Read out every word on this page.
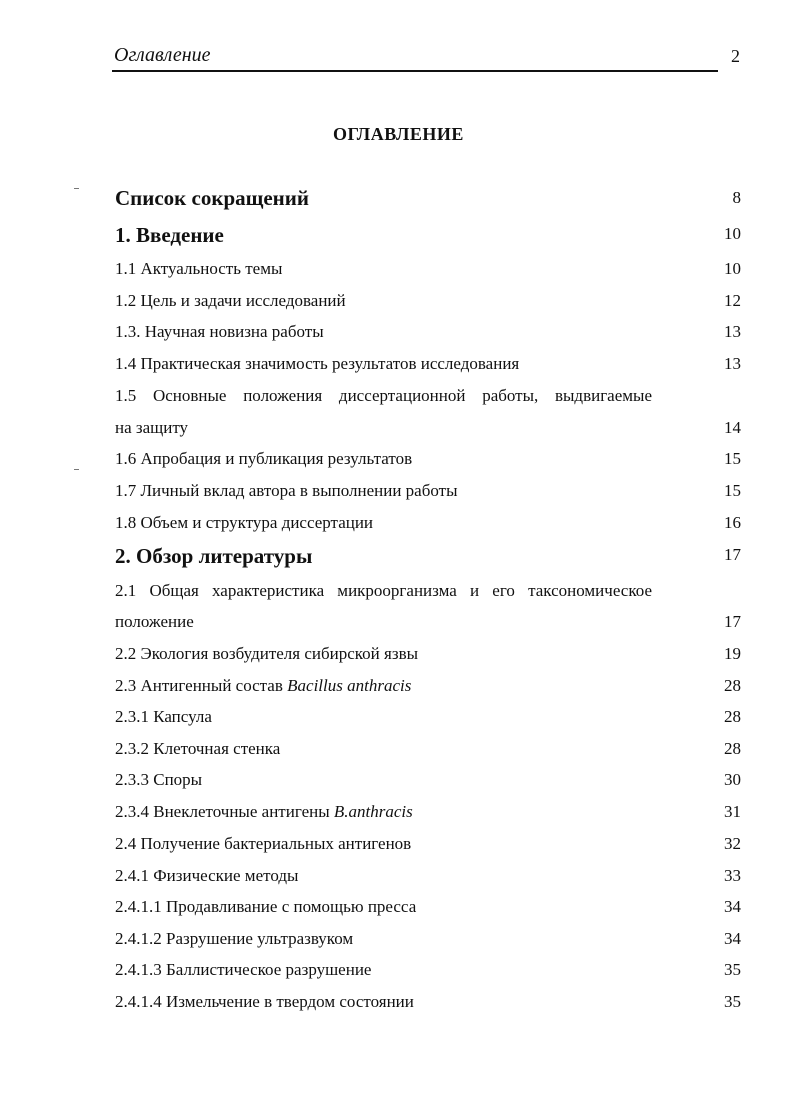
Оглавление	2
ОГЛАВЛЕНИЕ
Список сокращений	8
1. Введение	10
1.1 Актуальность темы	10
1.2 Цель и задачи исследований	12
1.3. Научная новизна работы	13
1.4 Практическая значимость результатов исследования	13
1.5 Основные положения диссертационной работы, выдвигаемые
на защиту	14
1.6 Апробация и публикация результатов	15
1.7 Личный вклад автора в выполнении работы	15
1.8 Объем и структура диссертации	16
2. Обзор литературы	17
2.1 Общая характеристика микроорганизма и его таксономическое
положение	17
2.2 Экология возбудителя сибирской язвы	19
2.3 Антигенный состав Bacillus anthracis	28
2.3.1 Капсула	28
2.3.2 Клеточная стенка	28
2.3.3 Споры	30
2.3.4 Внеклеточные антигены B.anthracis	31
2.4 Получение бактериальных антигенов	32
2.4.1 Физические методы	33
2.4.1.1 Продавливание с помощью пресса	34
2.4.1.2 Разрушение ультразвуком	34
2.4.1.3 Баллистическое разрушение	35
2.4.1.4 Измельчение в твердом состоянии	35
